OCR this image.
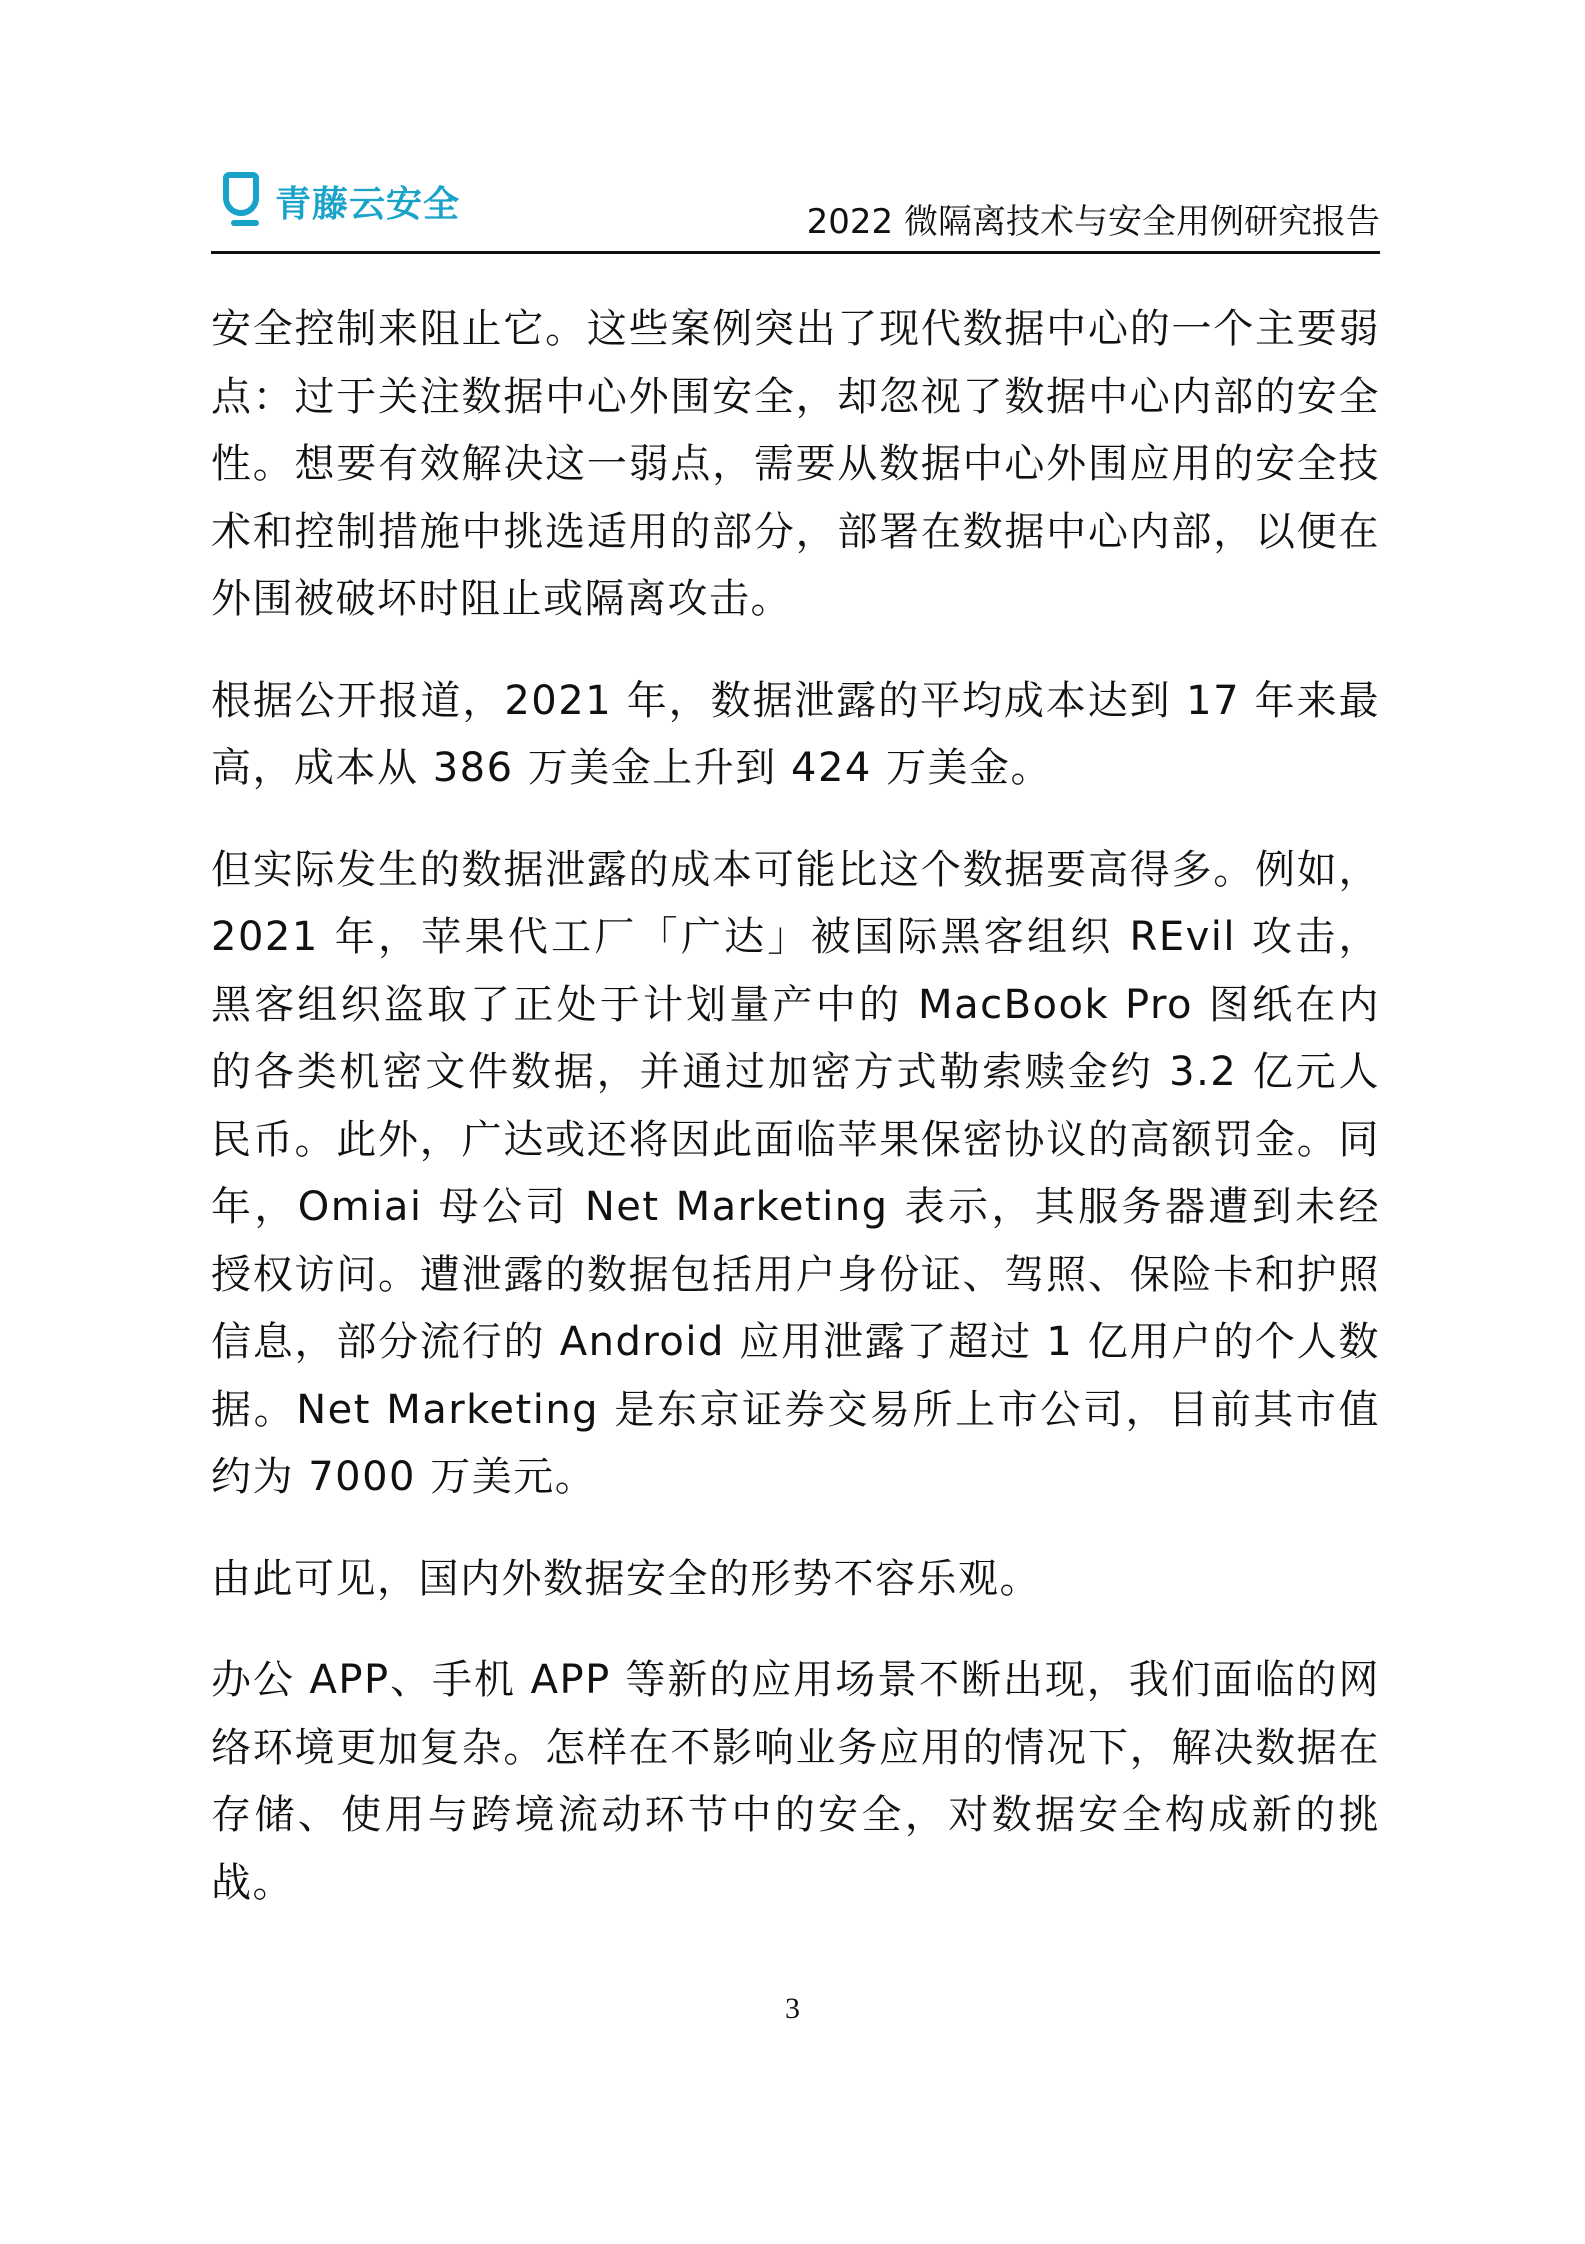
青藤云安全	2022 微隔离技术与安全用例研究报告

安全控制来阻止它。这些案例突出了现代数据中心的一个主要弱点：过于关注数据中心外围安全，却忽视了数据中心内部的安全性。想要有效解决这一弱点，需要从数据中心外围应用的安全技术和控制措施中挑选适用的部分，部署在数据中心内部，以便在外围被破坏时阻止或隔离攻击。

根据公开报道，2021 年，数据泄露的平均成本达到 17 年来最高，成本从 386 万美金上升到 424 万美金。

但实际发生的数据泄露的成本可能比这个数据要高得多。例如，2021 年，苹果代工厂「广达」被国际黑客组织 REvil 攻击，黑客组织盗取了正处于计划量产中的 MacBook Pro 图纸在内的各类机密文件数据，并通过加密方式勒索赎金约 3.2 亿元人民币。此外，广达或还将因此面临苹果保密协议的高额罚金。同年，Omiai 母公司 Net Marketing 表示，其服务器遭到未经授权访问。遭泄露的数据包括用户身份证、驾照、保险卡和护照信息，部分流行的 Android 应用泄露了超过 1 亿用户的个人数据。Net Marketing 是东京证券交易所上市公司，目前其市值约为 7000 万美元。

由此可见，国内外数据安全的形势不容乐观。

办公 APP、手机 APP 等新的应用场景不断出现，我们面临的网络环境更加复杂。怎样在不影响业务应用的情况下，解决数据在存储、使用与跨境流动环节中的安全，对数据安全构成新的挑战。

3
